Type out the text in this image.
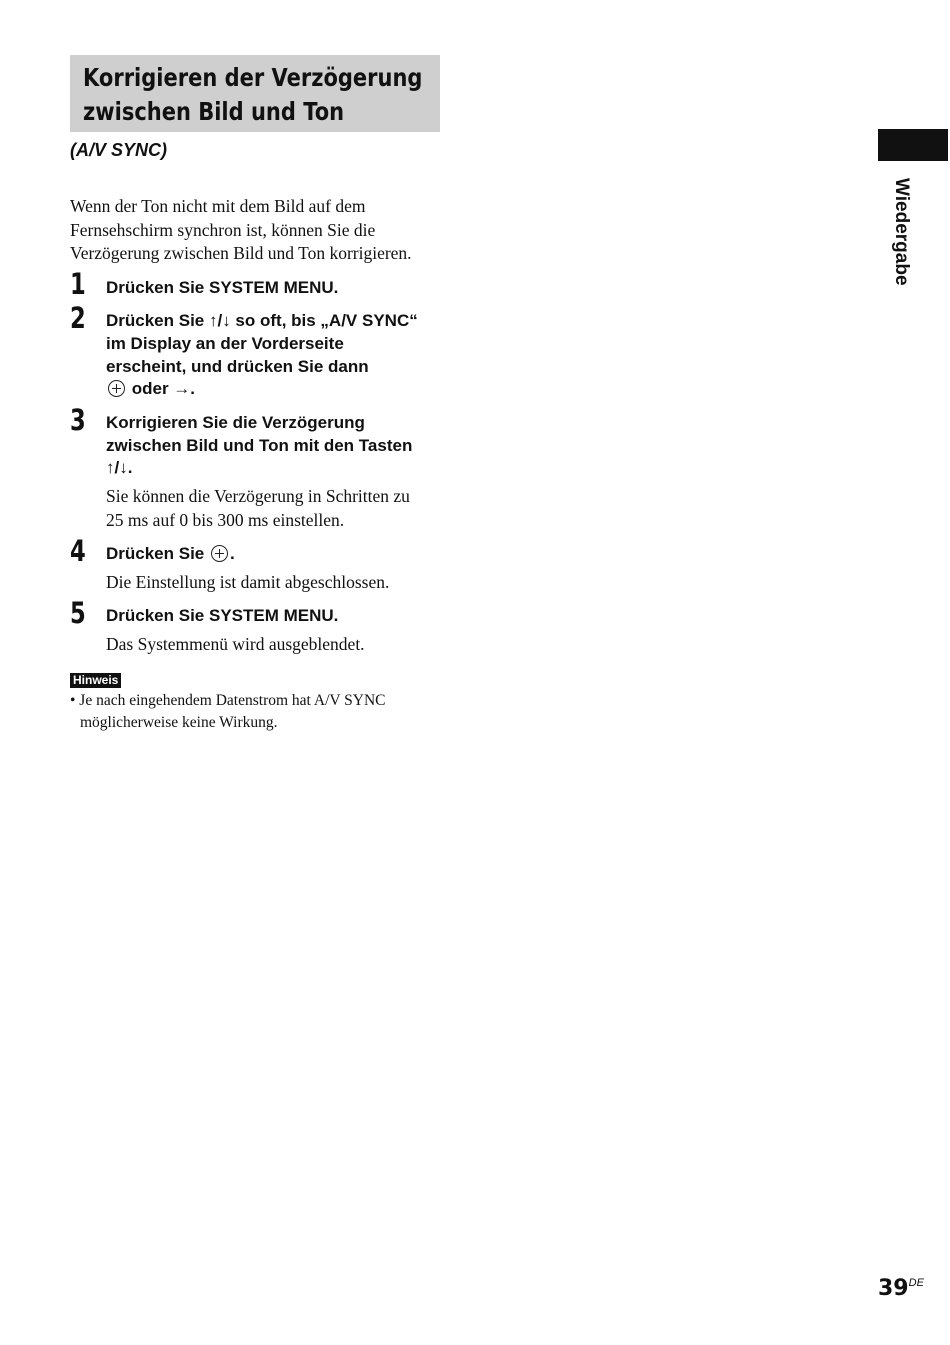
Korrigieren der Verzögerung
zwischen Bild und Ton
(A/V SYNC)
Wenn der Ton nicht mit dem Bild auf dem
Fernsehschirm synchron ist, können Sie die
Verzögerung zwischen Bild und Ton korrigieren.
1 Drücken Sie SYSTEM MENU.
2 Drücken Sie ↑/↓ so oft, bis „A/V SYNC“
im Display an der Vorderseite
erscheint, und drücken Sie dann
oder →.
3 Korrigieren Sie die Verzögerung
zwischen Bild und Ton mit den Tasten
↑/↓.
Sie können die Verzögerung in Schritten zu
25 ms auf 0 bis 300 ms einstellen.
4 Drücken Sie .
Die Einstellung ist damit abgeschlossen.
5 Drücken Sie SYSTEM MENU.
Das Systemmenü wird ausgeblendet.
Hinweis
• Je nach eingehendem Datenstrom hat A/V SYNC
möglicherweise keine Wirkung.
Wiedergabe
39DE
